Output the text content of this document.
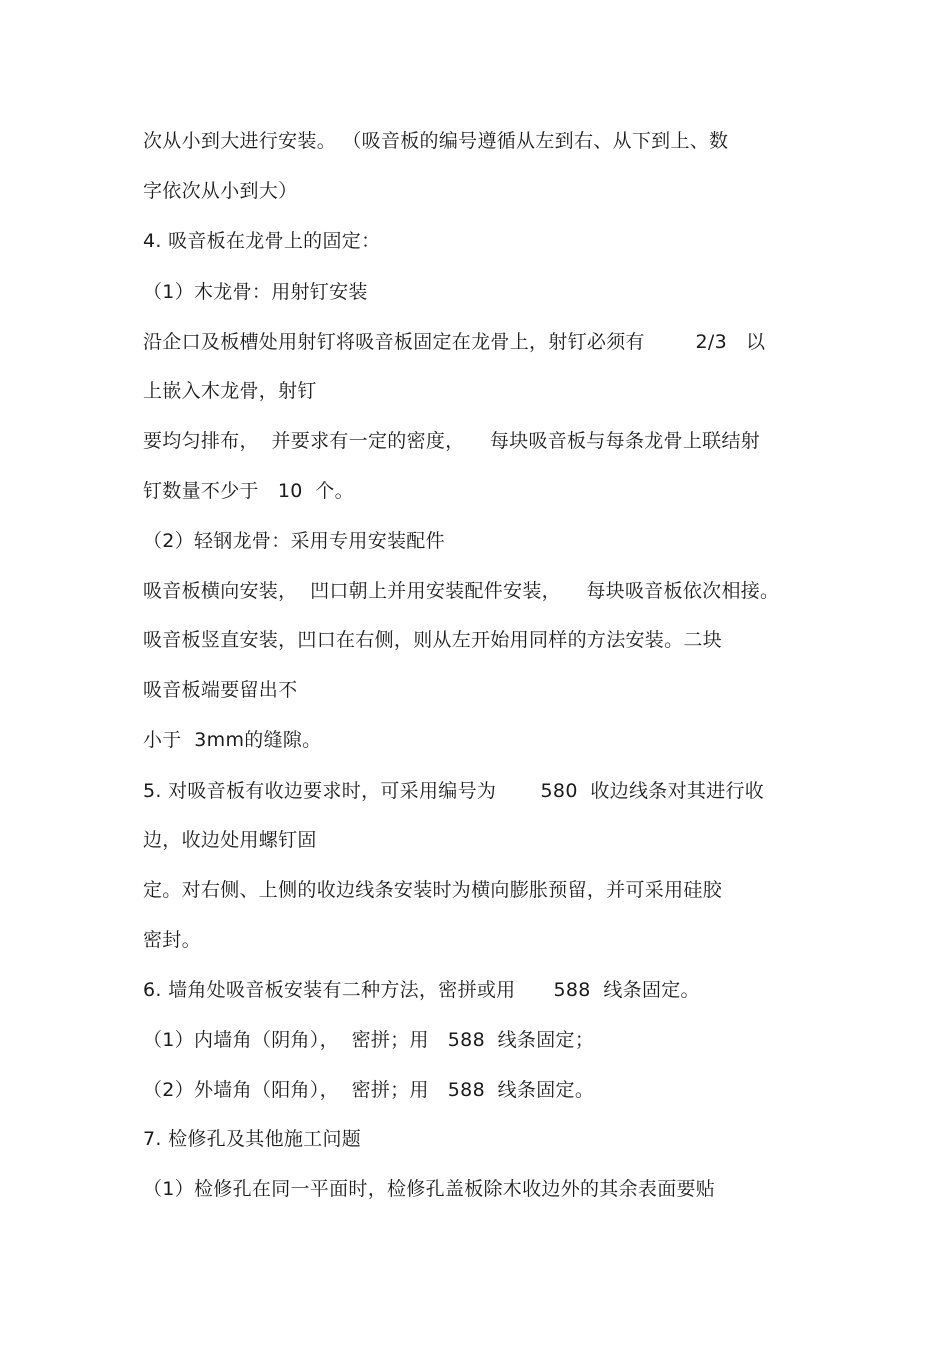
次从小到大进行安装。 （吸音板的编号遵循从左到右、从下到上、数
字依次从小到大）
4. 吸音板在龙骨上的固定：
（1）木龙骨：用射钉安装
沿企口及板槽处用射钉将吸音板固定在龙骨上，射钉必须有        2/3   以
上嵌入木龙骨，射钉
要均匀排布，  并要求有一定的密度，    每块吸音板与每条龙骨上联结射
钉数量不少于   10  个。
（2）轻钢龙骨：采用专用安装配件
吸音板横向安装，  凹口朝上并用安装配件安装，    每块吸音板依次相接。
吸音板竖直安装，凹口在右侧，则从左开始用同样的方法安装。二块
吸音板端要留出不
小于  3mm的缝隙。
5. 对吸音板有收边要求时，可采用编号为       580  收边线条对其进行收
边，收边处用螺钉固
定。对右侧、上侧的收边线条安装时为横向膨胀预留，并可采用硅胶
密封。
6. 墙角处吸音板安装有二种方法，密拼或用      588  线条固定。
（1）内墙角（阴角），  密拼；用   588  线条固定；
（2）外墙角（阳角），  密拼；用   588  线条固定。
7. 检修孔及其他施工问题
（1）检修孔在同一平面时，检修孔盖板除木收边外的其余表面要贴
